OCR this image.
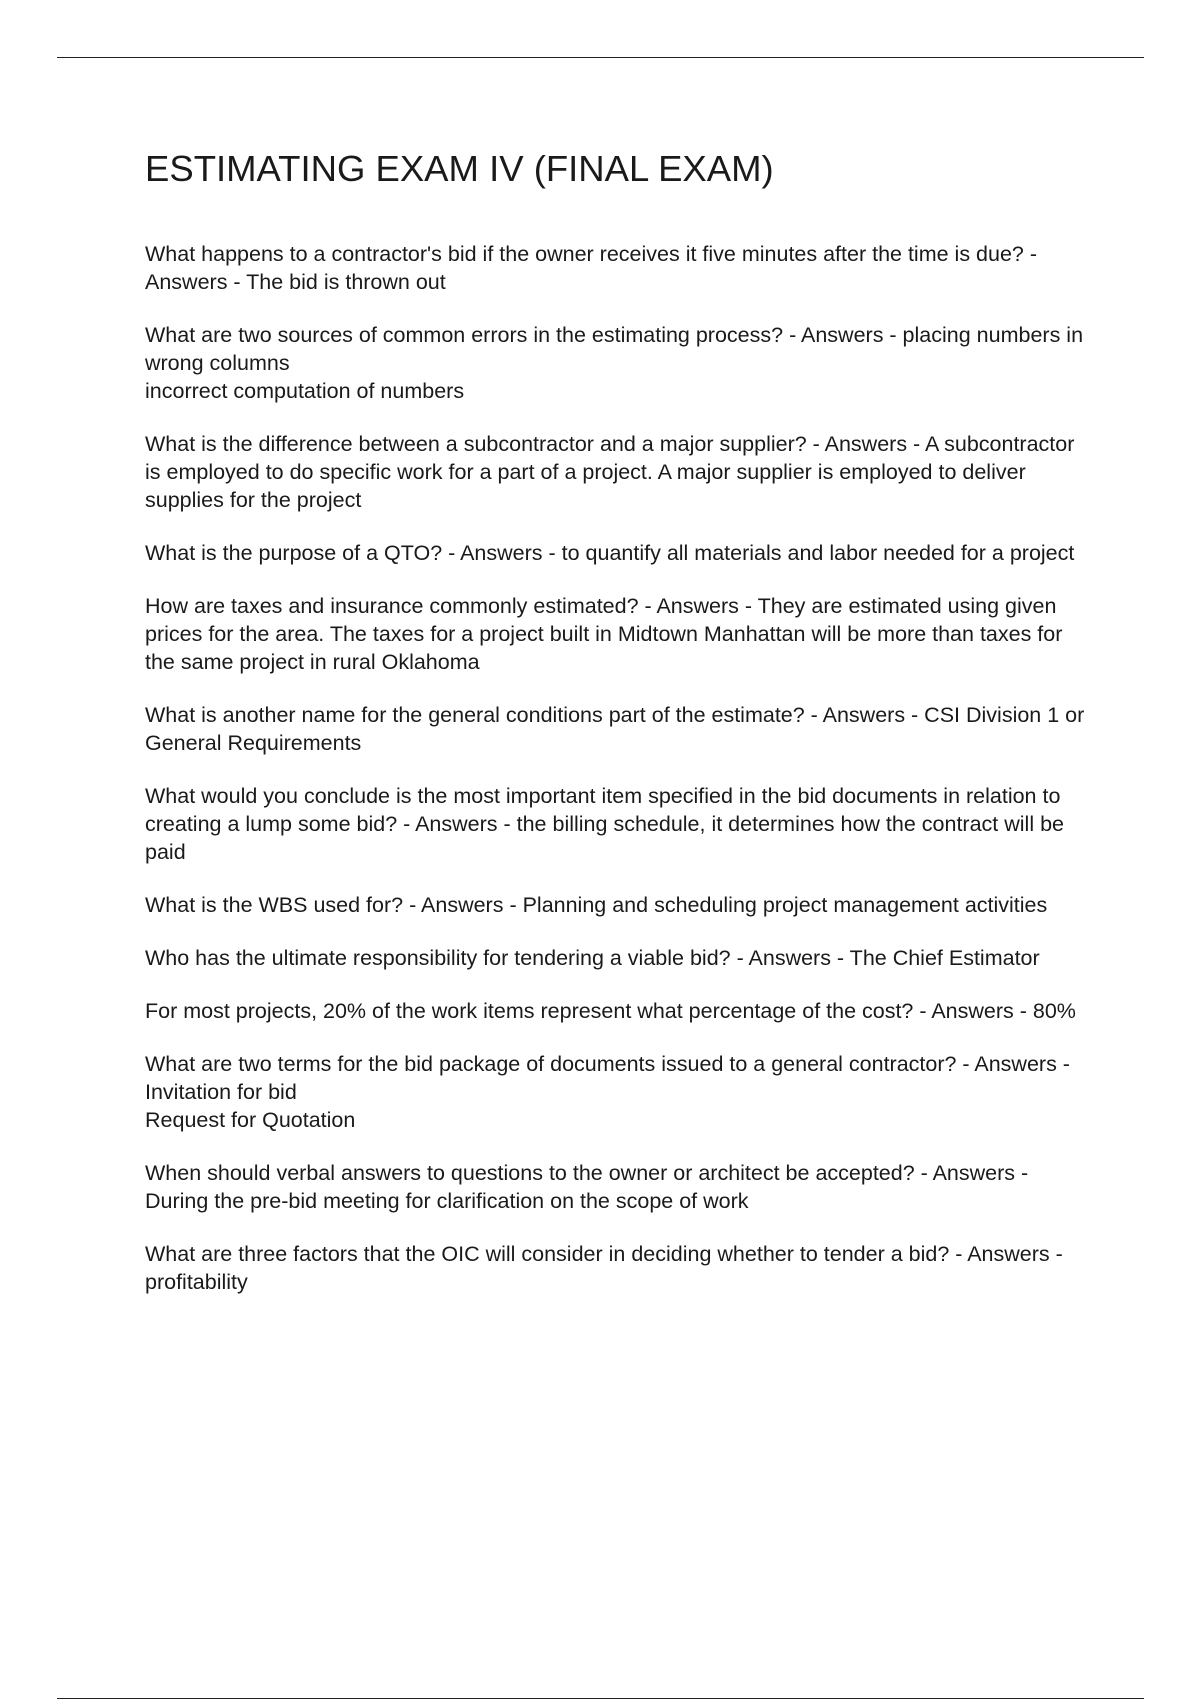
ESTIMATING EXAM IV (FINAL EXAM)

What happens to a contractor's bid if the owner receives it five minutes after the time is due? - Answers - The bid is thrown out

What are two sources of common errors in the estimating process? - Answers - placing numbers in wrong columns
incorrect computation of numbers

What is the difference between a subcontractor and a major supplier? - Answers - A subcontractor is employed to do specific work for a part of a project. A major supplier is employed to deliver supplies for the project

What is the purpose of a QTO? - Answers - to quantify all materials and labor needed for a project

How are taxes and insurance commonly estimated? - Answers - They are estimated using given prices for the area. The taxes for a project built in Midtown Manhattan will be more than taxes for the same project in rural Oklahoma

What is another name for the general conditions part of the estimate? - Answers - CSI Division 1 or General Requirements

What would you conclude is the most important item specified in the bid documents in relation to creating a lump some bid? - Answers - the billing schedule, it determines how the contract will be paid

What is the WBS used for? - Answers - Planning and scheduling project management activities

Who has the ultimate responsibility for tendering a viable bid? - Answers - The Chief Estimator

For most projects, 20% of the work items represent what percentage of the cost? - Answers - 80%

What are two terms for the bid package of documents issued to a general contractor? - Answers - Invitation for bid
Request for Quotation

When should verbal answers to questions to the owner or architect be accepted? - Answers - During the pre-bid meeting for clarification on the scope of work

What are three factors that the OIC will consider in deciding whether to tender a bid? - Answers - profitability
